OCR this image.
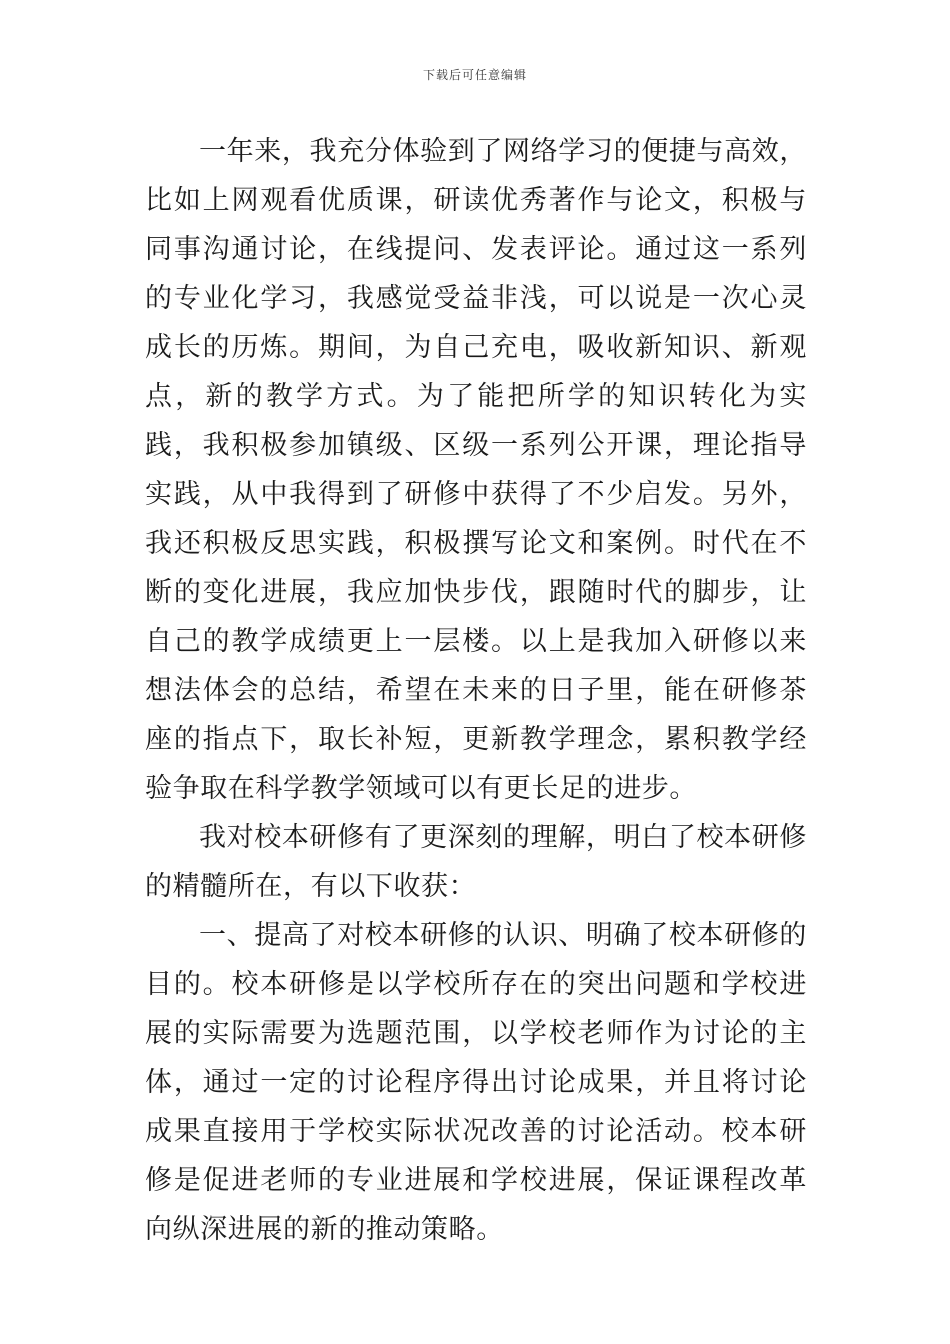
下载后可任意编辑

一年来，我充分体验到了网络学习的便捷与高效，比如上网观看优质课，研读优秀著作与论文，积极与同事沟通讨论，在线提问、发表评论。通过这一系列的专业化学习，我感觉受益非浅，可以说是一次心灵成长的历炼。期间，为自己充电，吸收新知识、新观点，新的教学方式。为了能把所学的知识转化为实践，我积极参加镇级、区级一系列公开课，理论指导实践，从中我得到了研修中获得了不少启发。另外，我还积极反思实践，积极撰写论文和案例。时代在不断的变化进展，我应加快步伐，跟随时代的脚步，让自己的教学成绩更上一层楼。以上是我加入研修以来想法体会的总结，希望在未来的日子里，能在研修茶座的指点下，取长补短，更新教学理念，累积教学经验争取在科学教学领域可以有更长足的进步。

我对校本研修有了更深刻的理解，明白了校本研修的精髓所在，有以下收获：

一、提高了对校本研修的认识、明确了校本研修的目的。校本研修是以学校所存在的突出问题和学校进展的实际需要为选题范围，以学校老师作为讨论的主体，通过一定的讨论程序得出讨论成果，并且将讨论成果直接用于学校实际状况改善的讨论活动。校本研修是促进老师的专业进展和学校进展，保证课程改革向纵深进展的新的推动策略。
